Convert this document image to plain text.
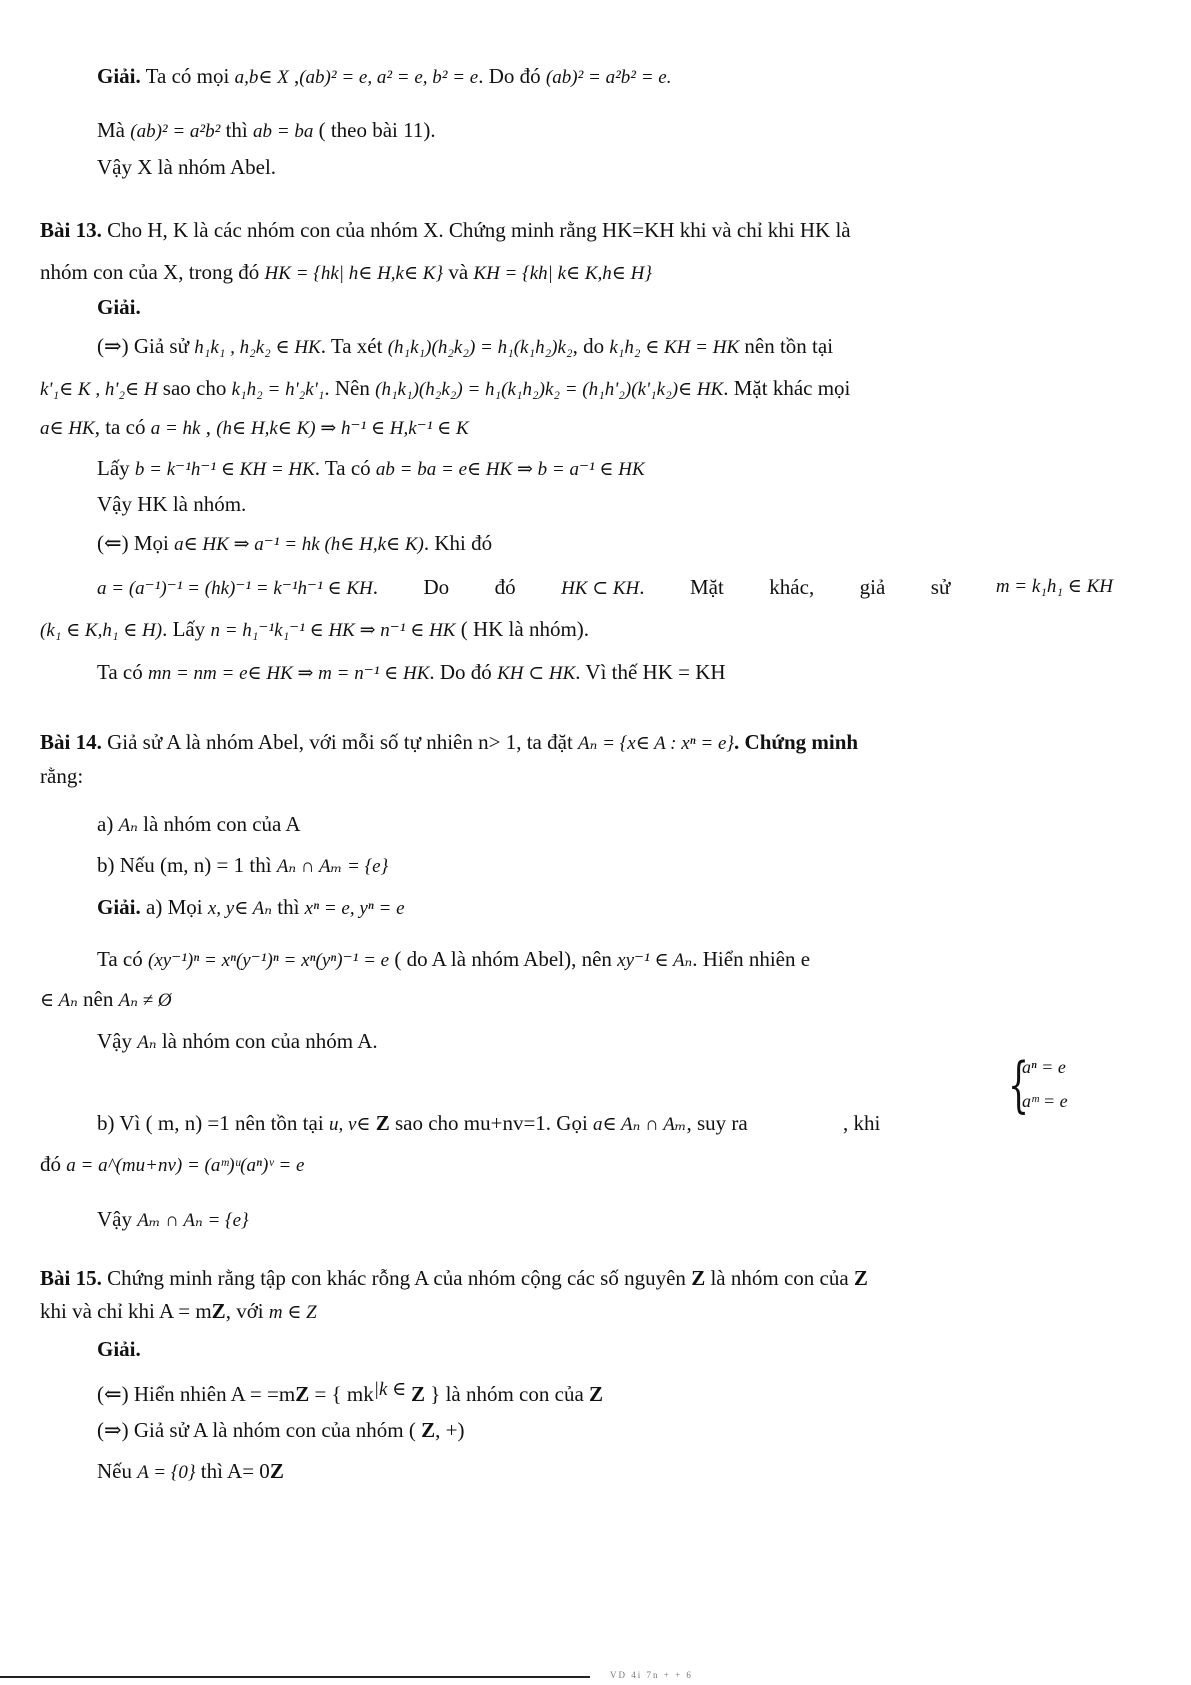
Giải. Ta có mọi a,b∈ X ,(ab)² = e, a² = e, b² = e. Do đó (ab)² = a²b² = e.
Mà (ab)² = a²b² thì ab = ba ( theo bài 11).
Vậy X là nhóm Abel.
Bài 13. Cho H, K là các nhóm con của nhóm X. Chứng minh rằng HK=KH khi và chỉ khi HK là
nhóm con của X, trong đó HK = {hk| h∈ H,k∈ K} và KH = {kh| k∈ K,h∈ H}
Giải.
(⇒) Giả sử h₁k₁ , h₂k₂ ∈ HK. Ta xét (h₁k₁)(h₂k₂) = h₁(k₁h₂)k₂, do k₁h₂ ∈ KH = HK nên tồn tại
k'₁∈ K , h'₂∈ H sao cho k₁h₂ = h'₂k'₁. Nên (h₁k₁)(h₂k₂) = h₁(k₁h₂)k₂ = (h₁h'₂)(k'₁k₂)∈ HK. Mặt khác mọi
a∈ HK, ta có a = hk , (h∈ H,k∈ K) ⇒ h⁻¹ ∈ H,k⁻¹ ∈ K
Lấy b = k⁻¹h⁻¹ ∈ KH = HK. Ta có ab = ba = e∈ HK ⇒ b = a⁻¹ ∈ HK
Vậy HK là nhóm.
(⇐) Mọi a∈ HK ⇒ a⁻¹ = hk (h∈ H,k∈ K). Khi đó
a = (a⁻¹)⁻¹ = (hk)⁻¹ = k⁻¹h⁻¹ ∈ KH. Do đó HK ⊂ KH. Mặt khác, giả sử m = k₁h₁ ∈ KH
(k₁ ∈ K,h₁ ∈ H). Lấy n = h₁⁻¹k₁⁻¹ ∈ HK ⇒ n⁻¹ ∈ HK ( HK là nhóm).
Ta có mn = nm = e∈ HK ⇒ m = n⁻¹ ∈ HK. Do đó KH ⊂ HK. Vì thế HK = KH
Bài 14. Giả sử A là nhóm Abel, với mỗi số tự nhiên n> 1, ta đặt Aₙ = {x∈ A : xⁿ = e}. Chứng minh
rằng:
a) Aₙ là nhóm con của A
b) Nếu (m, n) = 1 thì Aₙ ∩ Aₘ = {e}
Giải. a) Mọi x, y∈ Aₙ thì xⁿ = e, yⁿ = e
Ta có (xy⁻¹)ⁿ = xⁿ(y⁻¹)ⁿ = xⁿ(yⁿ)⁻¹ = e ( do A là nhóm Abel), nên xy⁻¹ ∈ Aₙ. Hiển nhiên e
∈ Aₙ nên Aₙ ≠ Ø
Vậy Aₙ là nhóm con của nhóm A.
{
aⁿ = e
aᵐ = e
b) Vì ( m, n) =1 nên tồn tại u, v∈ Z sao cho mu+nv=1. Gọi a∈ Aₙ ∩ Aₘ, suy ra	, khi
đó a = a^(mu+nv) = (aᵐ)ᵘ(aⁿ)ᵛ = e
Vậy Aₘ ∩ Aₙ = {e}
Bài 15. Chứng minh rằng tập con khác rỗng A của nhóm cộng các số nguyên Z là nhóm con của Z
khi và chỉ khi A = mZ, với m ∈ Z
Giải.
(⇐) Hiển nhiên A = =mZ = { mk|k ∈ Z } là nhóm con của Z
(⇒) Giả sử A là nhóm con của nhóm ( Z, +)
Nếu A = {0} thì A= 0Z
VD 4i 7n + + 6
